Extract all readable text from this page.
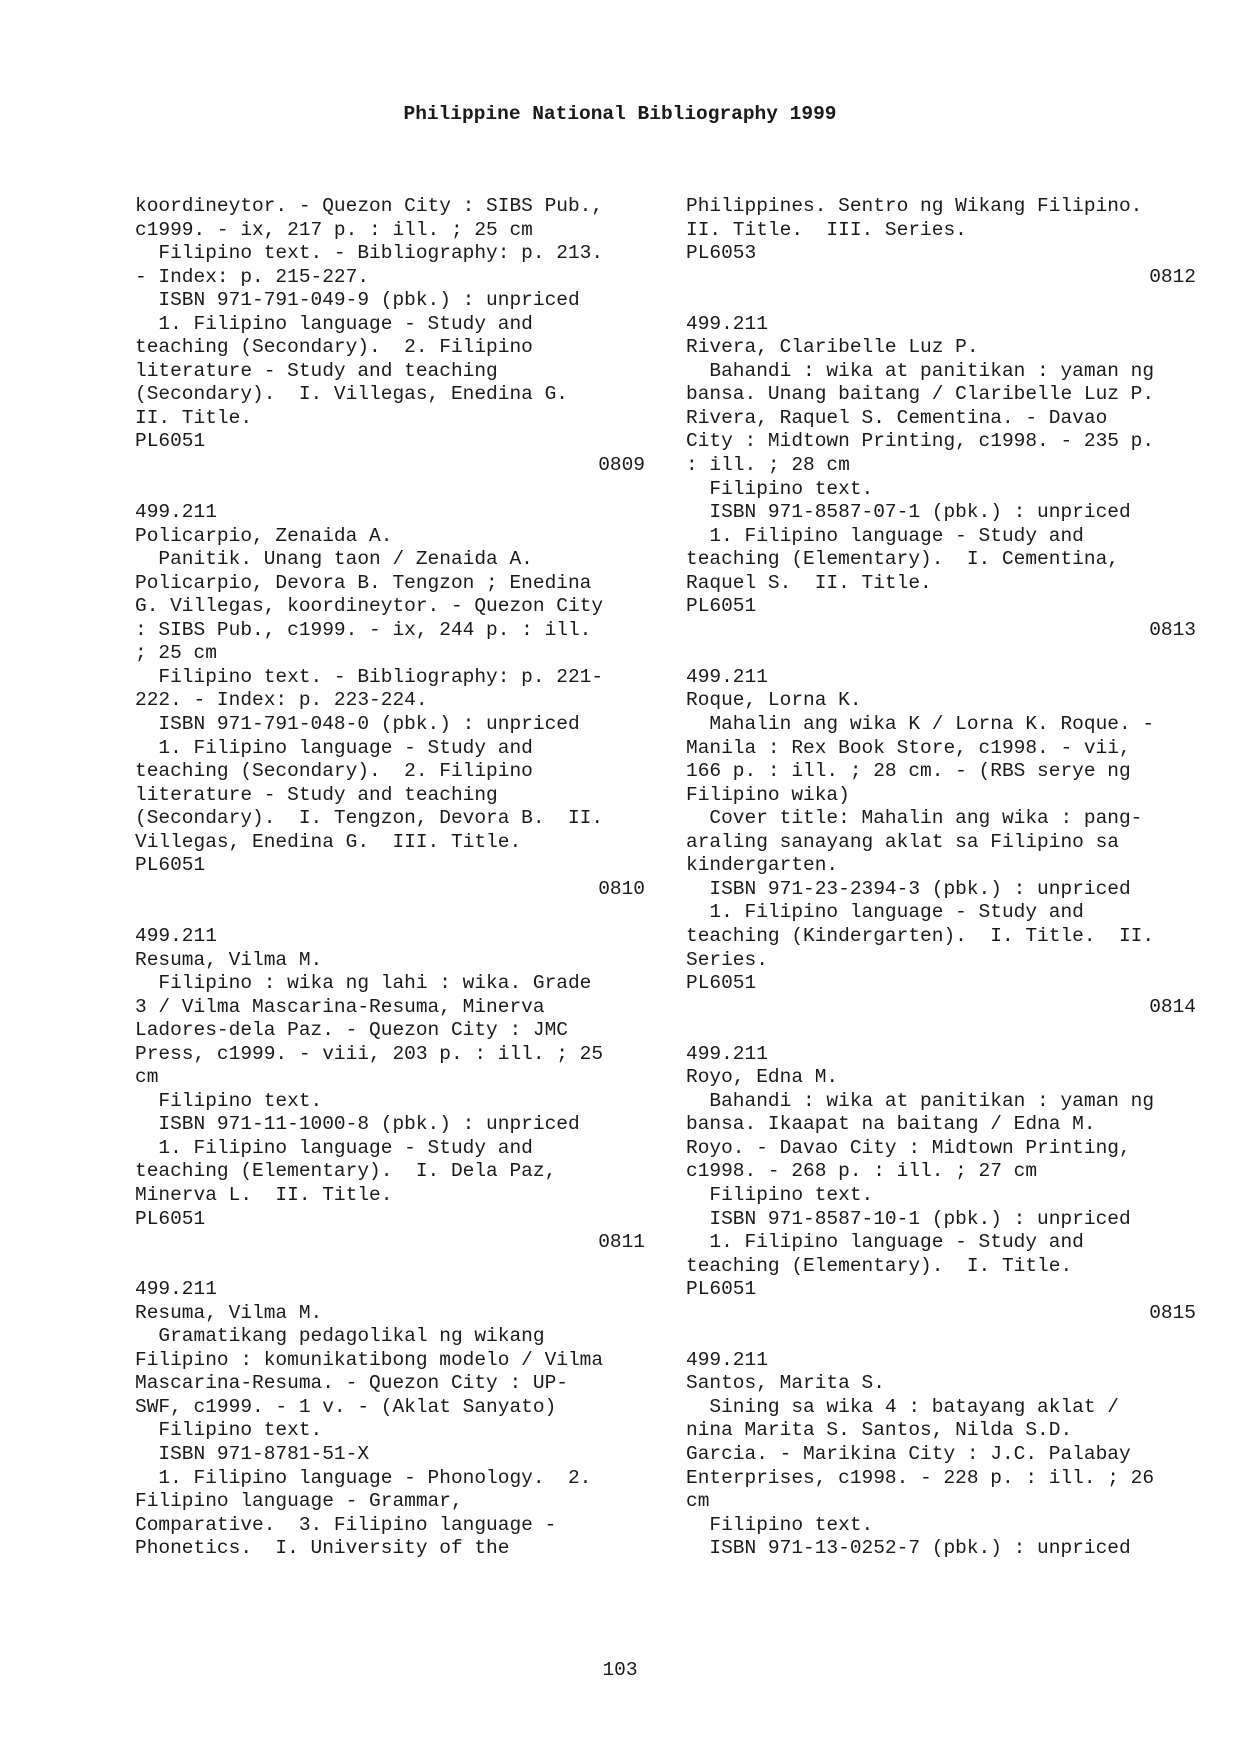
Philippine National Bibliography 1999
koordineytor. - Quezon City : SIBS Pub.,
c1999. - ix, 217 p. : ill. ; 25 cm
Filipino text. - Bibliography: p. 213.
- Index: p. 215-227.
ISBN 971-791-049-9 (pbk.) : unpriced
1. Filipino language - Study and
teaching (Secondary).  2. Filipino
literature - Study and teaching
(Secondary).  I. Villegas, Enedina G.
II. Title.
PL6051
0809
499.211
Policarpio, Zenaida A.
Panitik. Unang taon / Zenaida A.
Policarpio, Devora B. Tengzon ; Enedina
G. Villegas, koordineytor. - Quezon City
: SIBS Pub., c1999. - ix, 244 p. : ill.
; 25 cm
Filipino text. - Bibliography: p. 221-
222. - Index: p. 223-224.
ISBN 971-791-048-0 (pbk.) : unpriced
1. Filipino language - Study and
teaching (Secondary).  2. Filipino
literature - Study and teaching
(Secondary).  I. Tengzon, Devora B.  II.
Villegas, Enedina G.  III. Title.
PL6051
0810
499.211
Resuma, Vilma M.
Filipino : wika ng lahi : wika. Grade
3 / Vilma Mascarina-Resuma, Minerva
Ladores-dela Paz. - Quezon City : JMC
Press, c1999. - viii, 203 p. : ill. ; 25
cm
Filipino text.
ISBN 971-11-1000-8 (pbk.) : unpriced
1. Filipino language - Study and
teaching (Elementary).  I. Dela Paz,
Minerva L.  II. Title.
PL6051
0811
499.211
Resuma, Vilma M.
Gramatikang pedagolikal ng wikang
Filipino : komunikatibong modelo / Vilma
Mascarina-Resuma. - Quezon City : UP-
SWF, c1999. - 1 v. - (Aklat Sanyato)
Filipino text.
ISBN 971-8781-51-X
1. Filipino language - Phonology.  2.
Filipino language - Grammar,
Comparative.  3. Filipino language -
Phonetics.  I. University of the
Philippines. Sentro ng Wikang Filipino.
II. Title.  III. Series.
PL6053
0812
499.211
Rivera, Claribelle Luz P.
Bahandi : wika at panitikan : yaman ng
bansa. Unang baitang / Claribelle Luz P.
Rivera, Raquel S. Cementina. - Davao
City : Midtown Printing, c1998. - 235 p.
: ill. ; 28 cm
Filipino text.
ISBN 971-8587-07-1 (pbk.) : unpriced
1. Filipino language - Study and
teaching (Elementary).  I. Cementina,
Raquel S.  II. Title.
PL6051
0813
499.211
Roque, Lorna K.
Mahalin ang wika K / Lorna K. Roque. -
Manila : Rex Book Store, c1998. - vii,
166 p. : ill. ; 28 cm. - (RBS serye ng
Filipino wika)
Cover title: Mahalin ang wika : pang-
araling sanayang aklat sa Filipino sa
kindergarten.
ISBN 971-23-2394-3 (pbk.) : unpriced
1. Filipino language - Study and
teaching (Kindergarten).  I. Title.  II.
Series.
PL6051
0814
499.211
Royo, Edna M.
Bahandi : wika at panitikan : yaman ng
bansa. Ikaapat na baitang / Edna M.
Royo. - Davao City : Midtown Printing,
c1998. - 268 p. : ill. ; 27 cm
Filipino text.
ISBN 971-8587-10-1 (pbk.) : unpriced
1. Filipino language - Study and
teaching (Elementary).  I. Title.
PL6051
0815
499.211
Santos, Marita S.
Sining sa wika 4 : batayang aklat /
nina Marita S. Santos, Nilda S.D.
Garcia. - Marikina City : J.C. Palabay
Enterprises, c1998. - 228 p. : ill. ; 26
cm
Filipino text.
ISBN 971-13-0252-7 (pbk.) : unpriced
103
